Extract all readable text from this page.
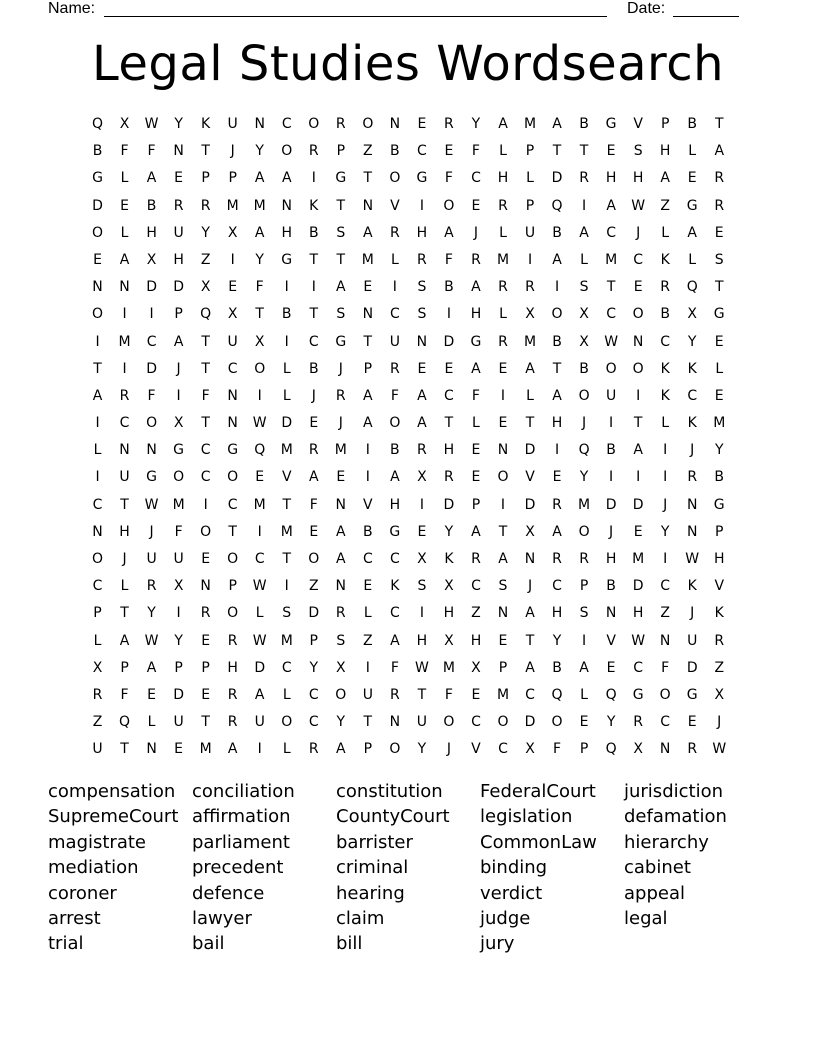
Name:	Date:
Legal Studies Wordsearch
Q	X	W	Y	K	U	N	C	O	R	O	N	E	R	Y	A	M	A	B	G	V	P	B	T
B	F	F	N	T	J	Y	O	R	P	Z	B	C	E	F	L	P	T	T	E	S	H	L	A
G	L	A	E	P	P	A	A	I	G	T	O	G	F	C	H	L	D	R	H	H	A	E	R
D	E	B	R	R	M	M	N	K	T	N	V	I	O	E	R	P	Q	I	A	W	Z	G	R
O	L	H	U	Y	X	A	H	B	S	A	R	H	A	J	L	U	B	A	C	J	L	A	E
E	A	X	H	Z	I	Y	G	T	T	M	L	R	F	R	M	I	A	L	M	C	K	L	S
N	N	D	D	X	E	F	I	I	A	E	I	S	B	A	R	R	I	S	T	E	R	Q	T
O	I	I	P	Q	X	T	B	T	S	N	C	S	I	H	L	X	O	X	C	O	B	X	G
I	M	C	A	T	U	X	I	C	G	T	U	N	D	G	R	M	B	X	W	N	C	Y	E
T	I	D	J	T	C	O	L	B	J	P	R	E	E	A	E	A	T	B	O	O	K	K	L
A	R	F	I	F	N	I	L	J	R	A	F	A	C	F	I	L	A	O	U	I	K	C	E
I	C	O	X	T	N	W	D	E	J	A	O	A	T	L	E	T	H	J	I	T	L	K	M
L	N	N	G	C	G	Q	M	R	M	I	B	R	H	E	N	D	I	Q	B	A	I	J	Y
I	U	G	O	C	O	E	V	A	E	I	A	X	R	E	O	V	E	Y	I	I	I	R	B
C	T	W	M	I	C	M	T	F	N	V	H	I	D	P	I	D	R	M	D	D	J	N	G
N	H	J	F	O	T	I	M	E	A	B	G	E	Y	A	T	X	A	O	J	E	Y	N	P
O	J	U	U	E	O	C	T	O	A	C	C	X	K	R	A	N	R	R	H	M	I	W	H
C	L	R	X	N	P	W	I	Z	N	E	K	S	X	C	S	J	C	P	B	D	C	K	V
P	T	Y	I	R	O	L	S	D	R	L	C	I	H	Z	N	A	H	S	N	H	Z	J	K
L	A	W	Y	E	R	W	M	P	S	Z	A	H	X	H	E	T	Y	I	V	W	N	U	R
X	P	A	P	P	H	D	C	Y	X	I	F	W	M	X	P	A	B	A	E	C	F	D	Z
R	F	E	D	E	R	A	L	C	O	U	R	T	F	E	M	C	Q	L	Q	G	O	G	X
Z	Q	L	U	T	R	U	O	C	Y	T	N	U	O	C	O	D	O	E	Y	R	C	E	J
U	T	N	E	M	A	I	L	R	A	P	O	Y	J	V	C	X	F	P	Q	X	N	R	W
compensation conciliation	constitution	FederalCourt	jurisdiction
SupremeCourt affirmation	CountyCourt	legislation	defamation
magistrate	parliament	barrister	CommonLaw	hierarchy
mediation	precedent	criminal	binding	cabinet
coroner	defence	hearing	verdict	appeal
arrest	lawyer	claim	judge	legal
trial	bail	bill	jury
